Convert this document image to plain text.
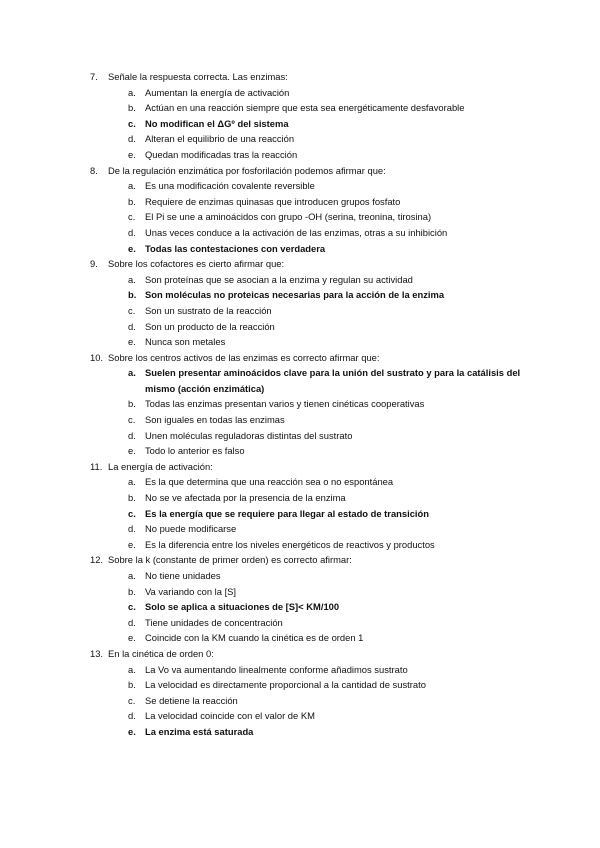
7. Señale la respuesta correcta. Las enzimas:
a. Aumentan la energía de activación
b. Actúan en una reacción siempre que esta sea energéticamente desfavorable
c. No modifican el ΔGº del sistema
d. Alteran el equilibrio de una reacción
e. Quedan modificadas tras la reacción
8. De la regulación enzimática por fosforilación podemos afirmar que:
a. Es una modificación covalente reversible
b. Requiere de enzimas quinasas que introducen grupos fosfato
c. El Pi se une a aminoácidos con grupo -OH (serina, treonina, tirosina)
d. Unas veces conduce a la activación de las enzimas, otras a su inhibición
e. Todas las contestaciones con verdadera
9. Sobre los cofactores es cierto afirmar que:
a. Son proteínas que se asocian a la enzima y regulan su actividad
b. Son moléculas no proteicas necesarias para la acción de la enzima
c. Son un sustrato de la reacción
d. Son un producto de la reacción
e. Nunca son metales
10. Sobre los centros activos de las enzimas es correcto afirmar que:
a. Suelen presentar aminoácidos clave para la unión del sustrato y para la catálisis del mismo (acción enzimática)
b. Todas las enzimas presentan varios y tienen cinéticas cooperativas
c. Son iguales en todas las enzimas
d. Unen moléculas reguladoras distintas del sustrato
e. Todo lo anterior es falso
11. La energía de activación:
a. Es la que determina que una reacción sea o no espontánea
b. No se ve afectada por la presencia de la enzima
c. Es la energía que se requiere para llegar al estado de transición
d. No puede modificarse
e. Es la diferencia entre los niveles energéticos de reactivos y productos
12. Sobre la k (constante de primer orden) es correcto afirmar:
a. No tiene unidades
b. Va variando con la [S]
c. Solo se aplica a situaciones de [S]< KM/100
d. Tiene unidades de concentración
e. Coincide con la KM cuando la cinética es de orden 1
13. En la cinética de orden 0:
a. La Vo va aumentando linealmente conforme añadimos sustrato
b. La velocidad es directamente proporcional a la cantidad de sustrato
c. Se detiene la reacción
d. La velocidad coincide con el valor de KM
e. La enzima está saturada
